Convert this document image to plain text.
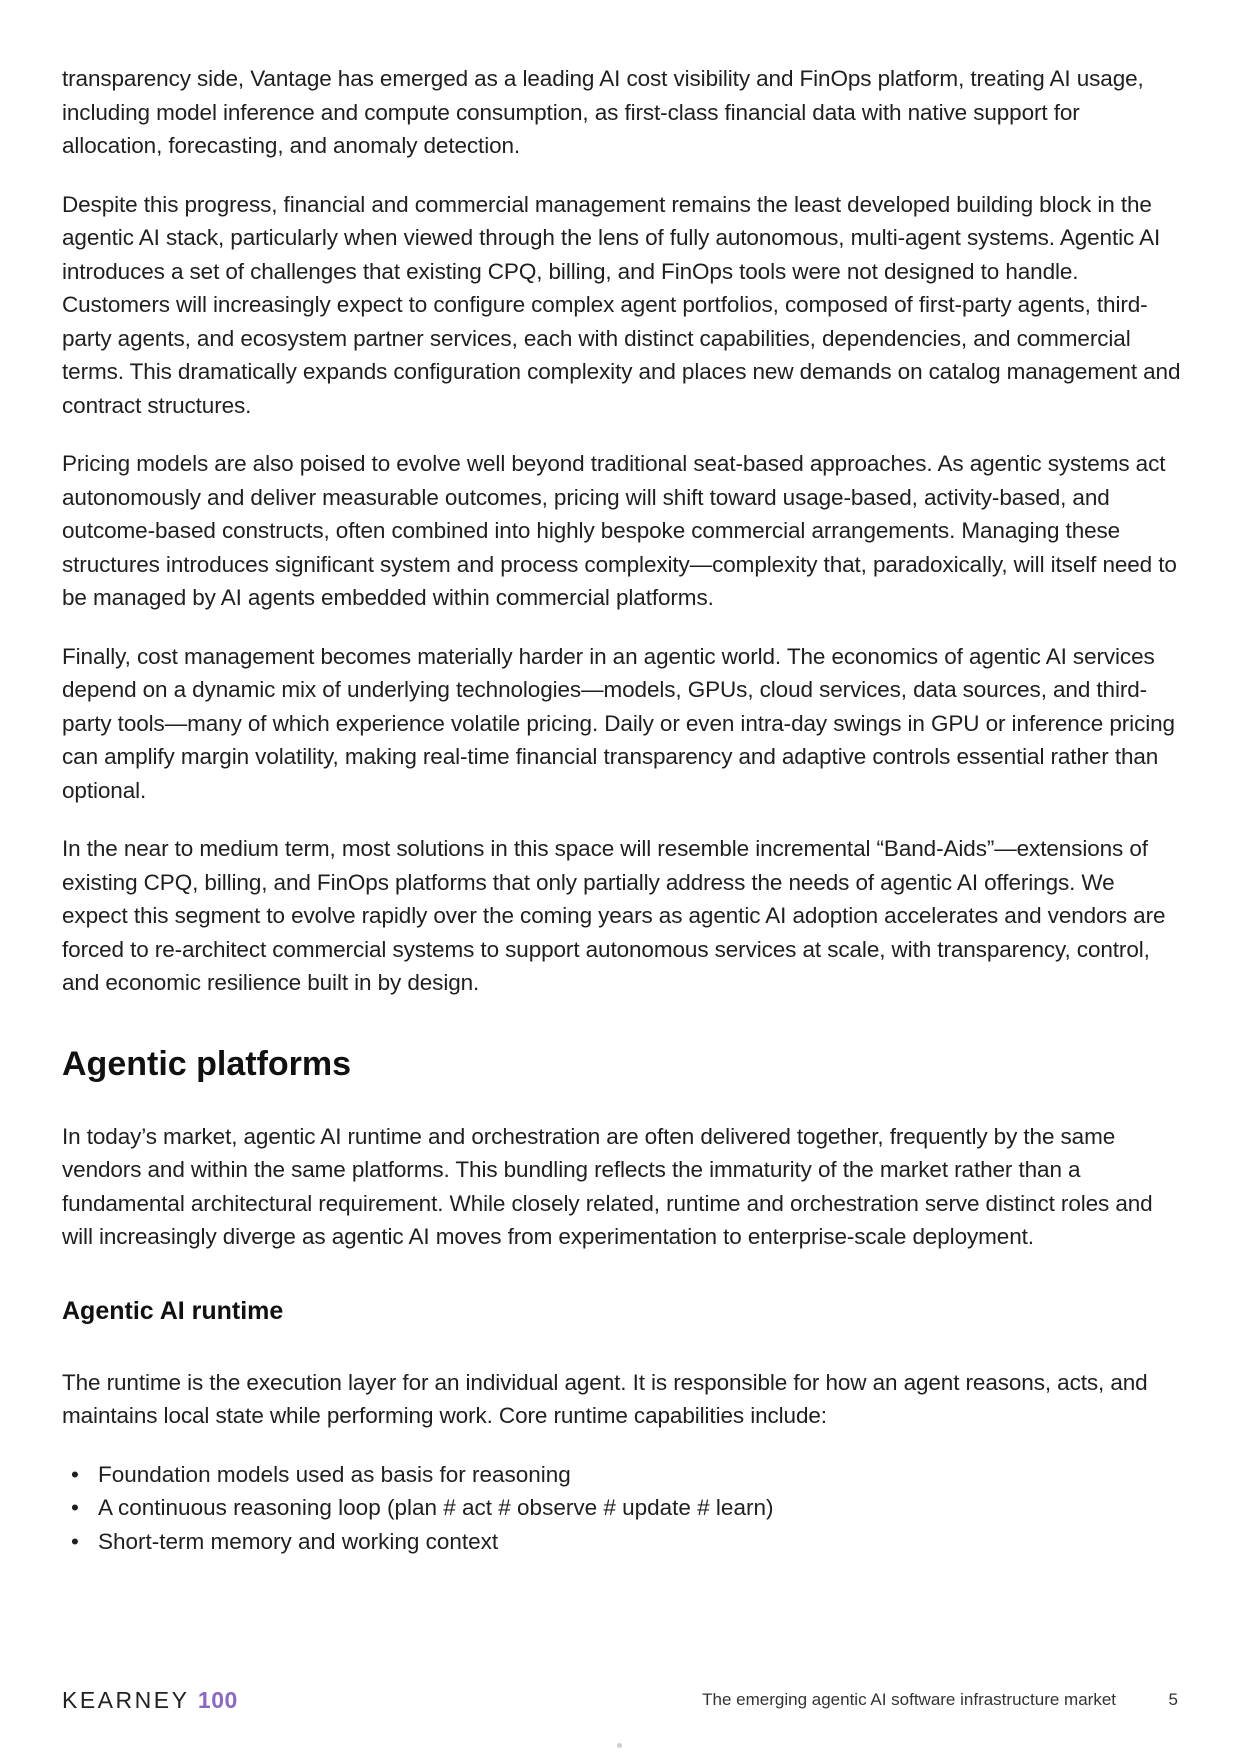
transparency side, Vantage has emerged as a leading AI cost visibility and FinOps platform, treating AI usage, including model inference and compute consumption, as first-class financial data with native support for allocation, forecasting, and anomaly detection.

Despite this progress, financial and commercial management remains the least developed building block in the agentic AI stack, particularly when viewed through the lens of fully autonomous, multi-agent systems. Agentic AI introduces a set of challenges that existing CPQ, billing, and FinOps tools were not designed to handle. Customers will increasingly expect to configure complex agent portfolios, composed of first-party agents, third-party agents, and ecosystem partner services, each with distinct capabilities, dependencies, and commercial terms. This dramatically expands configuration complexity and places new demands on catalog management and contract structures.

Pricing models are also poised to evolve well beyond traditional seat-based approaches. As agentic systems act autonomously and deliver measurable outcomes, pricing will shift toward usage-based, activity-based, and outcome-based constructs, often combined into highly bespoke commercial arrangements. Managing these structures introduces significant system and process complexity—complexity that, paradoxically, will itself need to be managed by AI agents embedded within commercial platforms.

Finally, cost management becomes materially harder in an agentic world. The economics of agentic AI services depend on a dynamic mix of underlying technologies—models, GPUs, cloud services, data sources, and third-party tools—many of which experience volatile pricing. Daily or even intra-day swings in GPU or inference pricing can amplify margin volatility, making real-time financial transparency and adaptive controls essential rather than optional.

In the near to medium term, most solutions in this space will resemble incremental “Band-Aids”—extensions of existing CPQ, billing, and FinOps platforms that only partially address the needs of agentic AI offerings. We expect this segment to evolve rapidly over the coming years as agentic AI adoption accelerates and vendors are forced to re-architect commercial systems to support autonomous services at scale, with transparency, control, and economic resilience built in by design.

Agentic platforms

In today’s market, agentic AI runtime and orchestration are often delivered together, frequently by the same vendors and within the same platforms. This bundling reflects the immaturity of the market rather than a fundamental architectural requirement. While closely related, runtime and orchestration serve distinct roles and will increasingly diverge as agentic AI moves from experimentation to enterprise-scale deployment.

Agentic AI runtime

The runtime is the execution layer for an individual agent. It is responsible for how an agent reasons, acts, and maintains local state while performing work. Core runtime capabilities include:

• Foundation models used as basis for reasoning
• A continuous reasoning loop (plan # act # observe # update # learn)
• Short-term memory and working context
KEARNEY 100	The emerging agentic AI software infrastructure market	5
